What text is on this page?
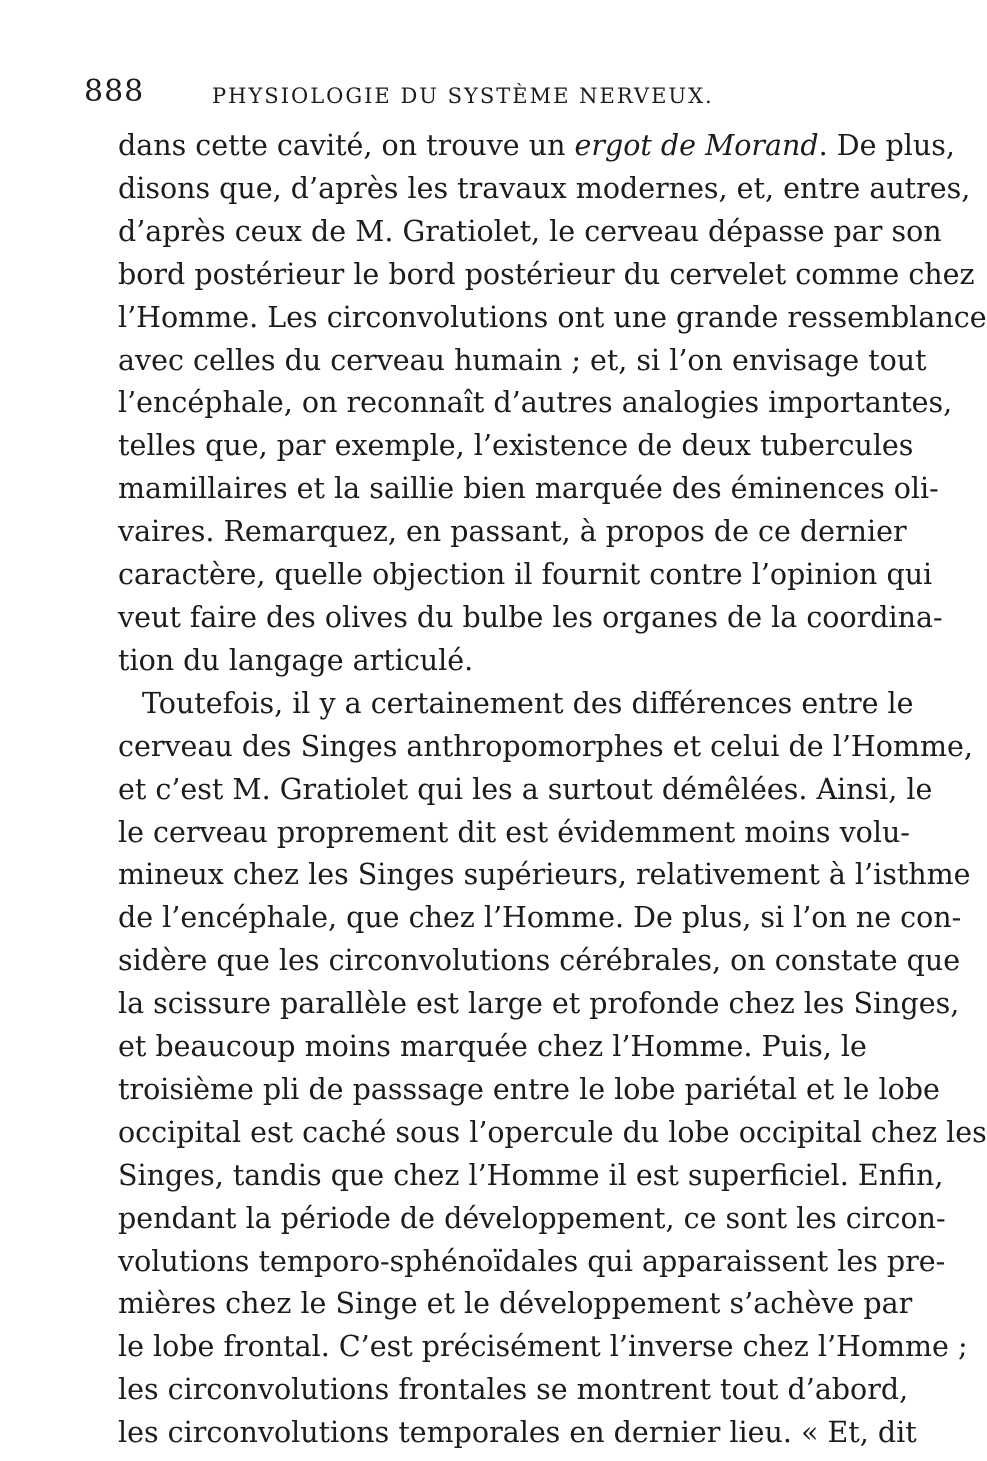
888	PHYSIOLOGIE DU SYSTÈME NERVEUX.
dans cette cavité, on trouve un ergot de Morand. De plus,
disons que, d’après les travaux modernes, et, entre autres,
d’après ceux de M. Gratiolet, le cerveau dépasse par son
bord postérieur le bord postérieur du cervelet comme chez
l’Homme. Les circonvolutions ont une grande ressemblance
avec celles du cerveau humain ; et, si l’on envisage tout
l’encéphale, on reconnaît d’autres analogies importantes,
telles que, par exemple, l’existence de deux tubercules
mamillaires et la saillie bien marquée des éminences oli-
vaires. Remarquez, en passant, à propos de ce dernier
caractère, quelle objection il fournit contre l’opinion qui
veut faire des olives du bulbe les organes de la coordina-
tion du langage articulé.
Toutefois, il y a certainement des différences entre le
cerveau des Singes anthropomorphes et celui de l’Homme,
et c’est M. Gratiolet qui les a surtout démêlées. Ainsi, le
le cerveau proprement dit est évidemment moins volu-
mineux chez les Singes supérieurs, relativement à l’isthme
de l’encéphale, que chez l’Homme. De plus, si l’on ne con-
sidère que les circonvolutions cérébrales, on constate que
la scissure parallèle est large et profonde chez les Singes,
et beaucoup moins marquée chez l’Homme. Puis, le
troisième pli de passsage entre le lobe pariétal et le lobe
occipital est caché sous l’opercule du lobe occipital chez les
Singes, tandis que chez l’Homme il est superficiel. Enfin,
pendant la période de développement, ce sont les circon-
volutions temporo-sphénoïdales qui apparaissent les pre-
mières chez le Singe et le développement s’achève par
le lobe frontal. C’est précisément l’inverse chez l’Homme ;
les circonvolutions frontales se montrent tout d’abord,
les circonvolutions temporales en dernier lieu. « Et, dit
